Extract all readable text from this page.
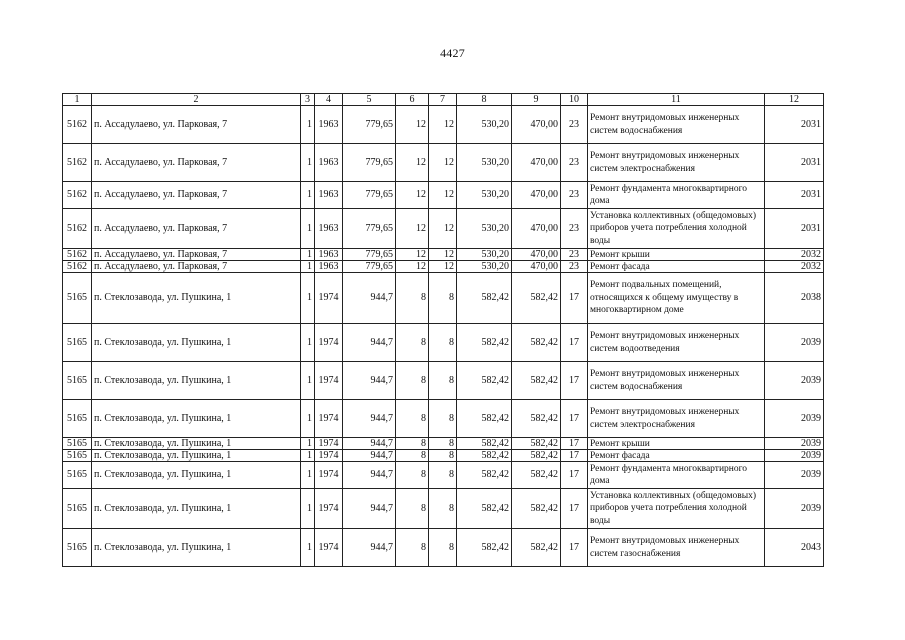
4427
1	2	3	4	5	6	7	8	9	10	11	12
5162	п. Ассадулаево, ул. Парковая, 7	1	1963	779,65	12	12	530,20	470,00	23	Ремонт внутридомовых инженерных систем водоснабжения	2031
5162	п. Ассадулаево, ул. Парковая, 7	1	1963	779,65	12	12	530,20	470,00	23	Ремонт внутридомовых инженерных систем электроснабжения	2031
5162	п. Ассадулаево, ул. Парковая, 7	1	1963	779,65	12	12	530,20	470,00	23	Ремонт фундамента многоквартирного дома	2031
5162	п. Ассадулаево, ул. Парковая, 7	1	1963	779,65	12	12	530,20	470,00	23	Установка коллективных (общедомовых) приборов учета потребления холодной воды	2031
5162	п. Ассадулаево, ул. Парковая, 7	1	1963	779,65	12	12	530,20	470,00	23	Ремонт крыши	2032
5162	п. Ассадулаево, ул. Парковая, 7	1	1963	779,65	12	12	530,20	470,00	23	Ремонт фасада	2032
5165	п. Стеклозавода, ул. Пушкина, 1	1	1974	944,7	8	8	582,42	582,42	17	Ремонт подвальных помещений, относящихся к общему имуществу в многоквартирном доме	2038
5165	п. Стеклозавода, ул. Пушкина, 1	1	1974	944,7	8	8	582,42	582,42	17	Ремонт внутридомовых инженерных систем водоотведения	2039
5165	п. Стеклозавода, ул. Пушкина, 1	1	1974	944,7	8	8	582,42	582,42	17	Ремонт внутридомовых инженерных систем водоснабжения	2039
5165	п. Стеклозавода, ул. Пушкина, 1	1	1974	944,7	8	8	582,42	582,42	17	Ремонт внутридомовых инженерных систем электроснабжения	2039
5165	п. Стеклозавода, ул. Пушкина, 1	1	1974	944,7	8	8	582,42	582,42	17	Ремонт крыши	2039
5165	п. Стеклозавода, ул. Пушкина, 1	1	1974	944,7	8	8	582,42	582,42	17	Ремонт фасада	2039
5165	п. Стеклозавода, ул. Пушкина, 1	1	1974	944,7	8	8	582,42	582,42	17	Ремонт фундамента многоквартирного дома	2039
5165	п. Стеклозавода, ул. Пушкина, 1	1	1974	944,7	8	8	582,42	582,42	17	Установка коллективных (общедомовых) приборов учета потребления холодной воды	2039
5165	п. Стеклозавода, ул. Пушкина, 1	1	1974	944,7	8	8	582,42	582,42	17	Ремонт внутридомовых инженерных систем газоснабжения	2043
